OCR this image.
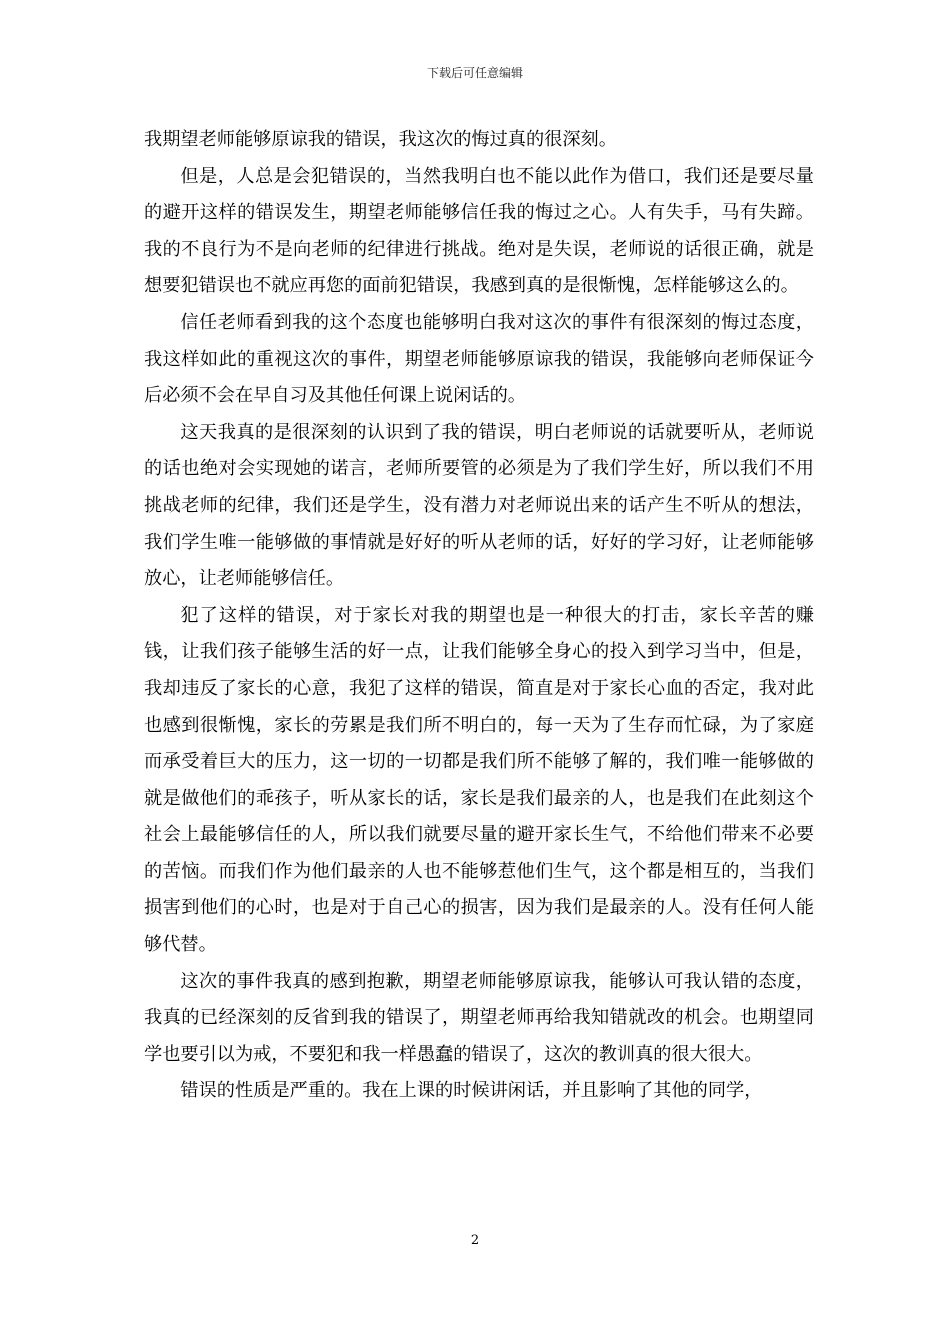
下载后可任意编辑

我期望老师能够原谅我的错误，我这次的悔过真的很深刻。

但是，人总是会犯错误的，当然我明白也不能以此作为借口，我们还是要尽量的避开这样的错误发生，期望老师能够信任我的悔过之心。人有失手，马有失蹄。我的不良行为不是向老师的纪律进行挑战。绝对是失误，老师说的话很正确，就是想要犯错误也不就应再您的面前犯错误，我感到真的是很惭愧，怎样能够这么的。

信任老师看到我的这个态度也能够明白我对这次的事件有很深刻的悔过态度，我这样如此的重视这次的事件，期望老师能够原谅我的错误，我能够向老师保证今后必须不会在早自习及其他任何课上说闲话的。

这天我真的是很深刻的认识到了我的错误，明白老师说的话就要听从，老师说的话也绝对会实现她的诺言，老师所要管的必须是为了我们学生好，所以我们不用挑战老师的纪律，我们还是学生，没有潜力对老师说出来的话产生不听从的想法，我们学生唯一能够做的事情就是好好的听从老师的话，好好的学习好，让老师能够放心，让老师能够信任。

犯了这样的错误，对于家长对我的期望也是一种很大的打击，家长辛苦的赚钱，让我们孩子能够生活的好一点，让我们能够全身心的投入到学习当中，但是，我却违反了家长的心意，我犯了这样的错误，简直是对于家长心血的否定，我对此也感到很惭愧，家长的劳累是我们所不明白的，每一天为了生存而忙碌，为了家庭而承受着巨大的压力，这一切的一切都是我们所不能够了解的，我们唯一能够做的就是做他们的乖孩子，听从家长的话，家长是我们最亲的人，也是我们在此刻这个社会上最能够信任的人，所以我们就要尽量的避开家长生气，不给他们带来不必要的苦恼。而我们作为他们最亲的人也不能够惹他们生气，这个都是相互的，当我们损害到他们的心时，也是对于自己心的损害，因为我们是最亲的人。没有任何人能够代替。

这次的事件我真的感到抱歉，期望老师能够原谅我，能够认可我认错的态度，我真的已经深刻的反省到我的错误了，期望老师再给我知错就改的机会。也期望同学也要引以为戒，不要犯和我一样愚蠢的错误了，这次的教训真的很大很大。

错误的性质是严重的。我在上课的时候讲闲话，并且影响了其他的同学，

2
